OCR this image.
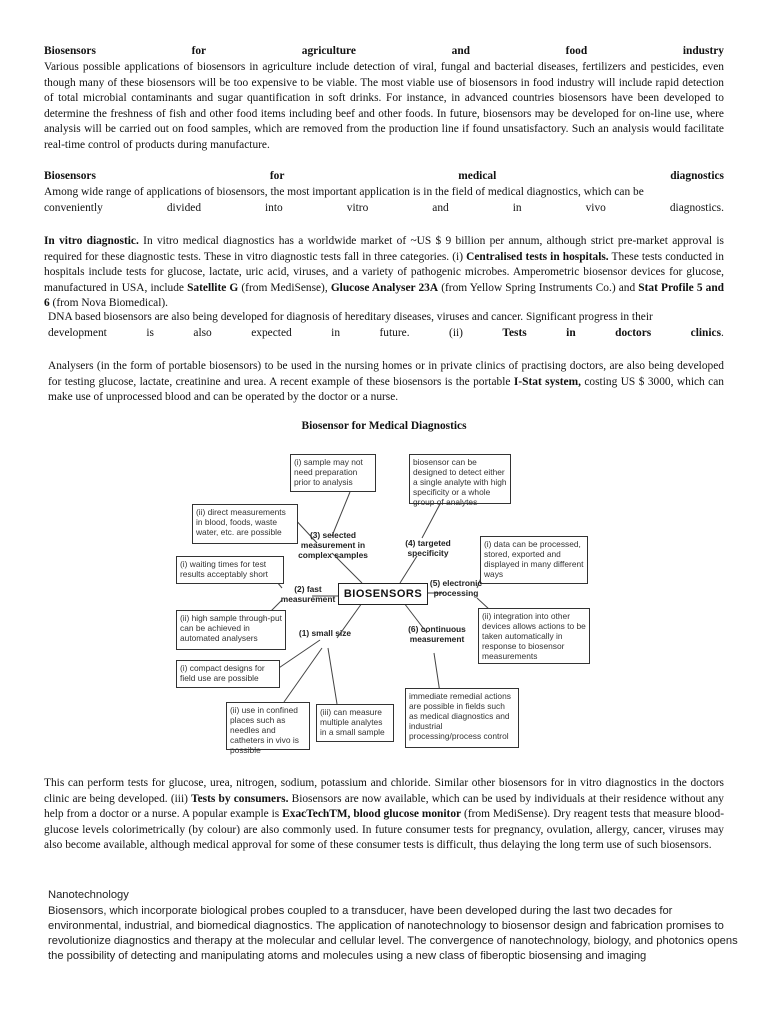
Biosensors	for	agriculture	and	food	industry

Various possible applications of biosensors in agriculture include detection of viral, fungal and bacterial diseases, fertilizers and pesticides, even though many of these biosensors will be too expensive to be viable. The most viable use of biosensors in food industry will include rapid detection of total microbial contaminants and sugar quantification in soft drinks. For instance, in advanced countries biosensors have been developed to determine the freshness of fish and other food items including beef and other foods. In future, biosensors may be developed for on-line use, where analysis will be carried out on food samples, which are removed from the production line if found unsatisfactory. Such an analysis would facilitate real-time control of products during manufacture.

Biosensors	for	medical	diagnostics
Among wide range of applications of biosensors, the most important application is in the field of medical diagnostics, which can be
conveniently	divided	into	vitro	and	in	vivo	diagnostics.

In vitro diagnostic. In vitro medical diagnostics has a worldwide market of ~US $ 9 billion per annum, although strict pre-market approval is required for these diagnostic tests. These in vitro diagnostic tests fall in three categories. (i) Centralised tests in hospitals. These tests conducted in hospitals include tests for glucose, lactate, uric acid, viruses, and a variety of pathogenic microbes. Amperometric biosensor devices for glucose, manufactured in USA, include Satellite G (from MediSense), Glucose Analyser 23A (from Yellow Spring Instruments Co.) and Stat Profile 5 and 6 (from Nova Biomedical).

DNA based biosensors are also being developed for diagnosis of hereditary diseases, viruses and cancer. Significant progress in their
development	is	also	expected	in	future.	(ii)	Tests	in	doctors	clinics.

Analysers (in the form of portable biosensors) to be used in the nursing homes or in private clinics of practising doctors, are also being developed for testing glucose, lactate, creatinine and urea. A recent example of these biosensors is the portable I-Stat system, costing US $ 3000, which can make use of unprocessed blood and can be operated by the doctor or a nurse.

Biosensor for Medical Diagnostics
(i) sample may not need preparation prior to analysis
biosensor can be designed to detect either a single analyte with high specificity or a whole group of analytes
(ii) direct measurements in blood, foods, waste water, etc. are possible
(i) data can be processed, stored, exported and displayed in many different ways
(i) waiting times for test results acceptably short
(ii) integration into other devices allows actions to be taken automatically in response to biosensor measurements
(ii) high sample through-put can be achieved in automated analysers
(i) compact designs for field use are possible
(ii) use in confined places such as needles and catheters in vivo is possible
(iii) can measure multiple analytes in a small sample
immediate remedial actions are possible in fields such as medical diagnostics and industrial processing/process control
(3) selected measurement in complex samples
(4) targeted specificity
(5) electronic processing
(2) fast measurement
(1) small size	(6) continuous measurement
BIOSENSORS

This can perform tests for glucose, urea, nitrogen, sodium, potassium and chloride. Similar other biosensors for in vitro diagnostics in the doctors clinic are being developed. (iii) Tests by consumers. Biosensors are now available, which can be used by individuals at their residence without any help from a doctor or a nurse. A popular example is ExacTechTM, blood glucose monitor (from MediSense). Dry reagent tests that measure blood-glucose levels colorimetrically (by colour) are also commonly used. In future consumer tests for pregnancy, ovulation, allergy, cancer, viruses may also become available, although medical approval for some of these consumer tests is difficult, thus delaying the long term use of such biosensors.

Nanotechnology

Biosensors, which incorporate biological probes coupled to a transducer, have been developed during the last two decades for environmental, industrial, and biomedical diagnostics. The application of nanotechnology to biosensor design and fabrication promises to revolutionize diagnostics and therapy at the molecular and cellular level. The convergence of nanotechnology, biology, and photonics opens the possibility of detecting and manipulating atoms and molecules using a new class of fiberoptic biosensing and imaging
